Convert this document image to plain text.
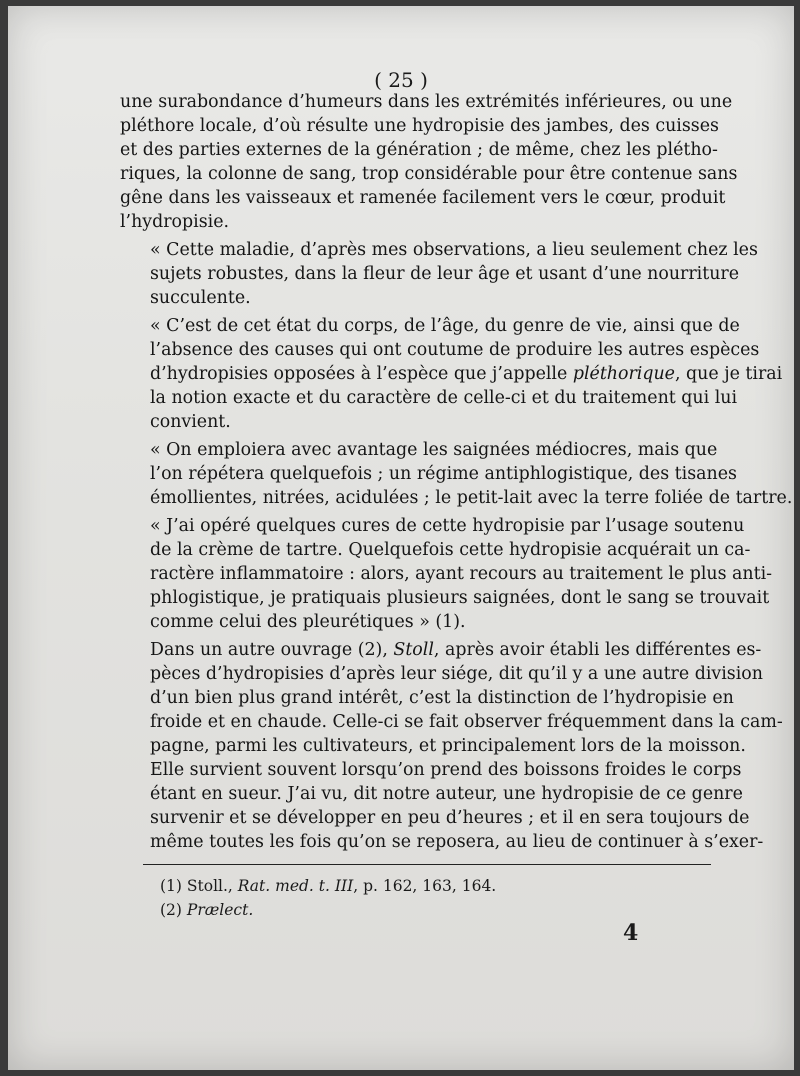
( 25 )
une surabondance d’humeurs dans les extrémités inférieures, ou une
pléthore locale, d’où résulte une hydropisie des jambes, des cuisses
et des parties externes de la génération ; de même, chez les plétho-
riques, la colonne de sang, trop considérable pour être contenue sans
gêne dans les vaisseaux et ramenée facilement vers le cœur, produit
l’hydropisie.
« Cette maladie, d’après mes observations, a lieu seulement chez les
sujets robustes, dans la fleur de leur âge et usant d’une nourriture
succulente.
« C’est de cet état du corps, de l’âge, du genre de vie, ainsi que de
l’absence des causes qui ont coutume de produire les autres espèces
d’hydropisies opposées à l’espèce que j’appelle pléthorique, que je tirai
la notion exacte et du caractère de celle-ci et du traitement qui lui
convient.
« On emploiera avec avantage les saignées médiocres, mais que
l’on répétera quelquefois ; un régime antiphlogistique, des tisanes
émollientes, nitrées, acidulées ; le petit-lait avec la terre foliée de tartre.
« J’ai opéré quelques cures de cette hydropisie par l’usage soutenu
de la crème de tartre. Quelquefois cette hydropisie acquérait un ca-
ractère inflammatoire : alors, ayant recours au traitement le plus anti-
phlogistique, je pratiquais plusieurs saignées, dont le sang se trouvait
comme celui des pleurétiques » (1).
Dans un autre ouvrage (2), Stoll, après avoir établi les différentes es-
pèces d’hydropisies d’après leur siége, dit qu’il y a une autre division
d’un bien plus grand intérêt, c’est la distinction de l’hydropisie en
froide et en chaude. Celle-ci se fait observer fréquemment dans la cam-
pagne, parmi les cultivateurs, et principalement lors de la moisson.
Elle survient souvent lorsqu’on prend des boissons froides le corps
étant en sueur. J’ai vu, dit notre auteur, une hydropisie de ce genre
survenir et se développer en peu d’heures ; et il en sera toujours de
même toutes les fois qu’on se reposera, au lieu de continuer à s’exer-
(1) Stoll., Rat. med. t. III, p. 162, 163, 164.
(2) Prælect.
4
